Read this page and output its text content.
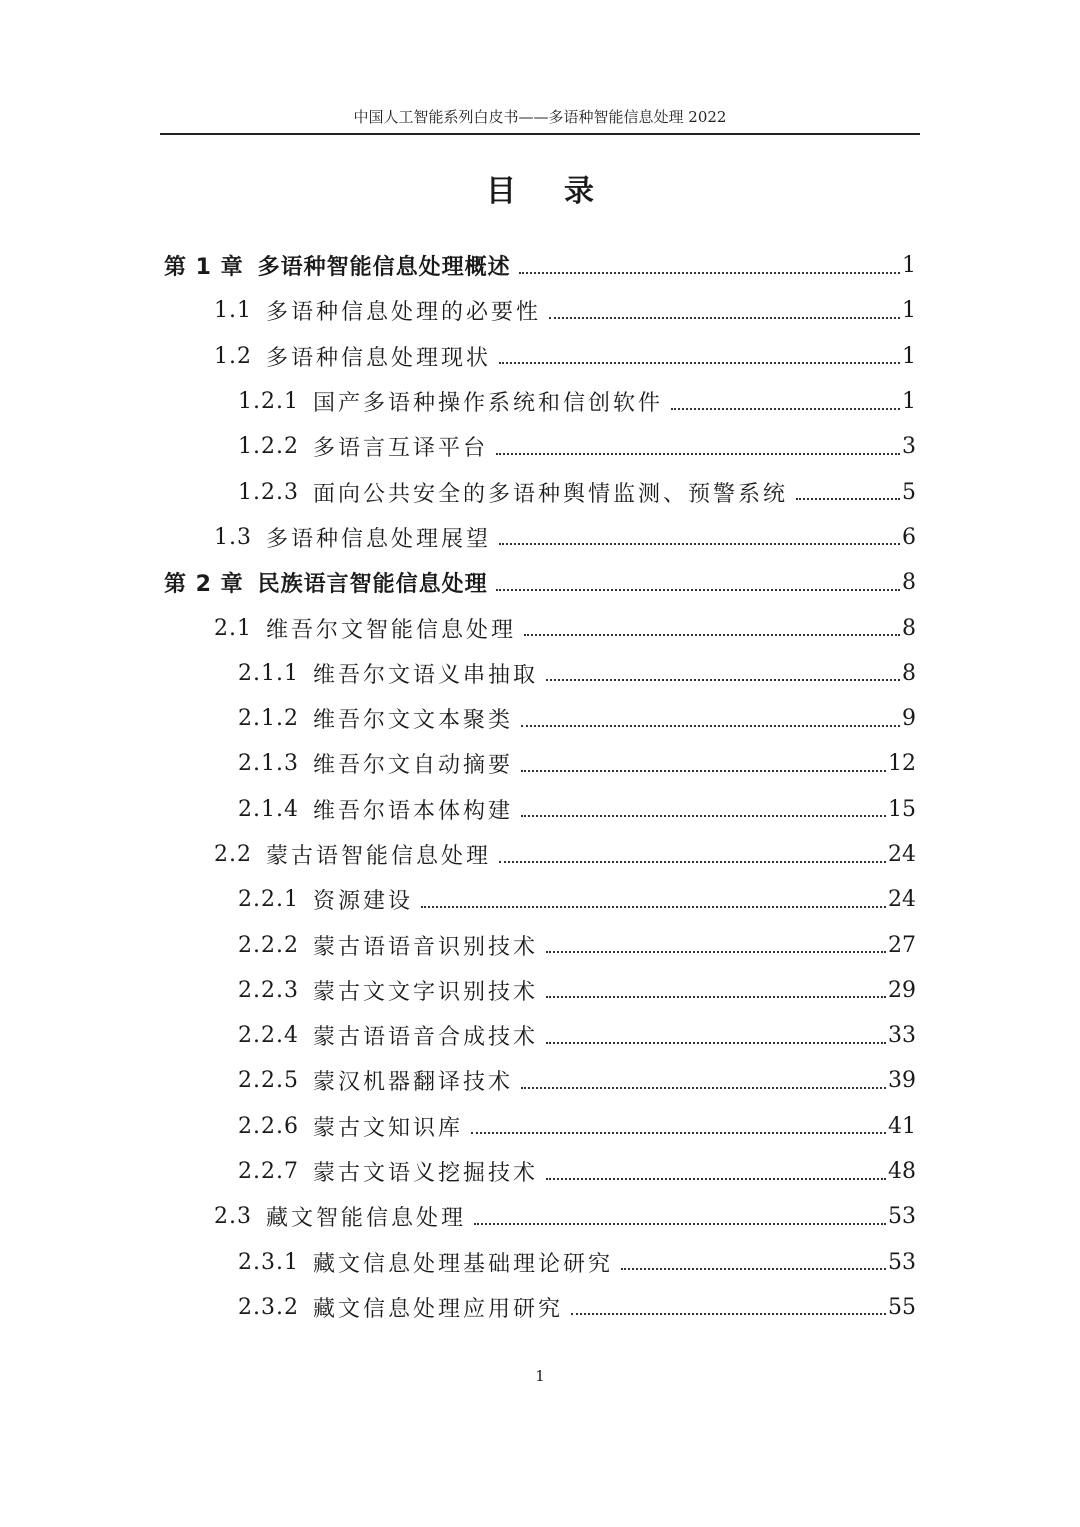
中国人工智能系列白皮书——多语种智能信息处理 2022
目录
第 1 章 多语种智能信息处理概述	1
1.1 多语种信息处理的必要性	1
1.2 多语种信息处理现状	1
1.2.1 国产多语种操作系统和信创软件	1
1.2.2 多语言互译平台	3
1.2.3 面向公共安全的多语种舆情监测、预警系统	5
1.3 多语种信息处理展望	6
第 2 章 民族语言智能信息处理	8
2.1 维吾尔文智能信息处理	8
2.1.1 维吾尔文语义串抽取	8
2.1.2 维吾尔文文本聚类	9
2.1.3 维吾尔文自动摘要	12
2.1.4 维吾尔语本体构建	15
2.2 蒙古语智能信息处理	24
2.2.1 资源建设	24
2.2.2 蒙古语语音识别技术	27
2.2.3 蒙古文文字识别技术	29
2.2.4 蒙古语语音合成技术	33
2.2.5 蒙汉机器翻译技术	39
2.2.6 蒙古文知识库	41
2.2.7 蒙古文语义挖掘技术	48
2.3 藏文智能信息处理	53
2.3.1 藏文信息处理基础理论研究	53
2.3.2 藏文信息处理应用研究	55
1
